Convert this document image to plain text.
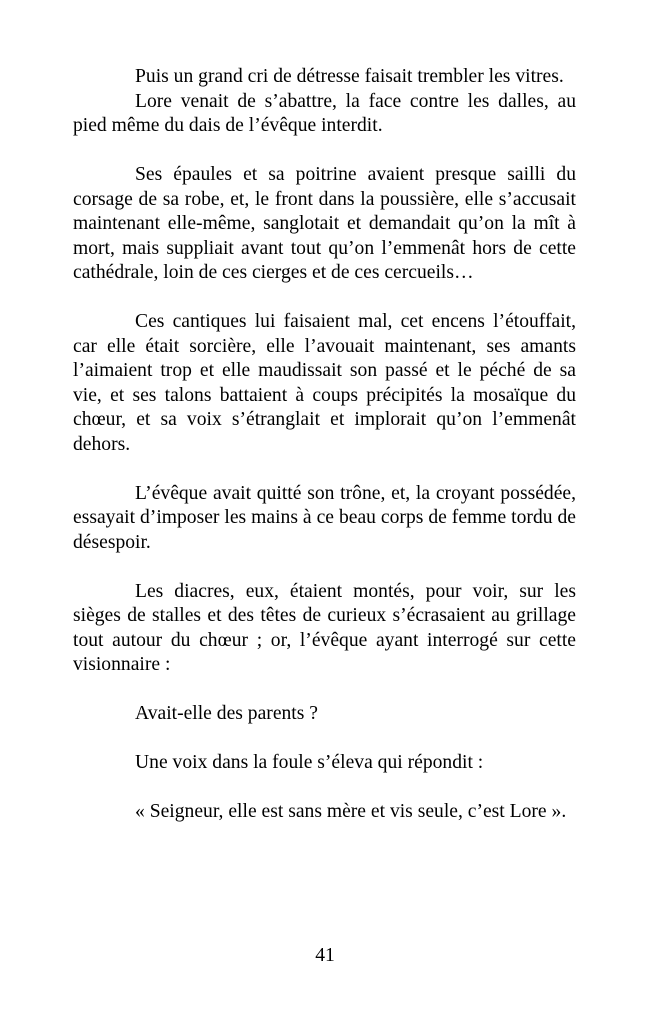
Puis un grand cri de détresse faisait trembler les vitres.

Lore venait de s’abattre, la face contre les dalles, au pied même du dais de l’évêque interdit.

Ses épaules et sa poitrine avaient presque sailli du corsage de sa robe, et, le front dans la poussière, elle s’accusait maintenant elle-même, sanglotait et demandait qu’on la mît à mort, mais suppliait avant tout qu’on l’emmenât hors de cette cathédrale, loin de ces cierges et de ces cercueils…

Ces cantiques lui faisaient mal, cet encens l’étouffait, car elle était sorcière, elle l’avouait maintenant, ses amants l’aimaient trop et elle maudissait son passé et le péché de sa vie, et ses talons battaient à coups précipités la mosaïque du chœur, et sa voix s’étranglait et implorait qu’on l’emmenât dehors.

L’évêque avait quitté son trône, et, la croyant possédée, essayait d’imposer les mains à ce beau corps de femme tordu de désespoir.

Les diacres, eux, étaient montés, pour voir, sur les sièges de stalles et des têtes de curieux s’écrasaient au grillage tout autour du chœur ; or, l’évêque ayant interrogé sur cette visionnaire :

Avait-elle des parents ?

Une voix dans la foule s’éleva qui répondit :

« Seigneur, elle est sans mère et vis seule, c’est Lore ».

41
